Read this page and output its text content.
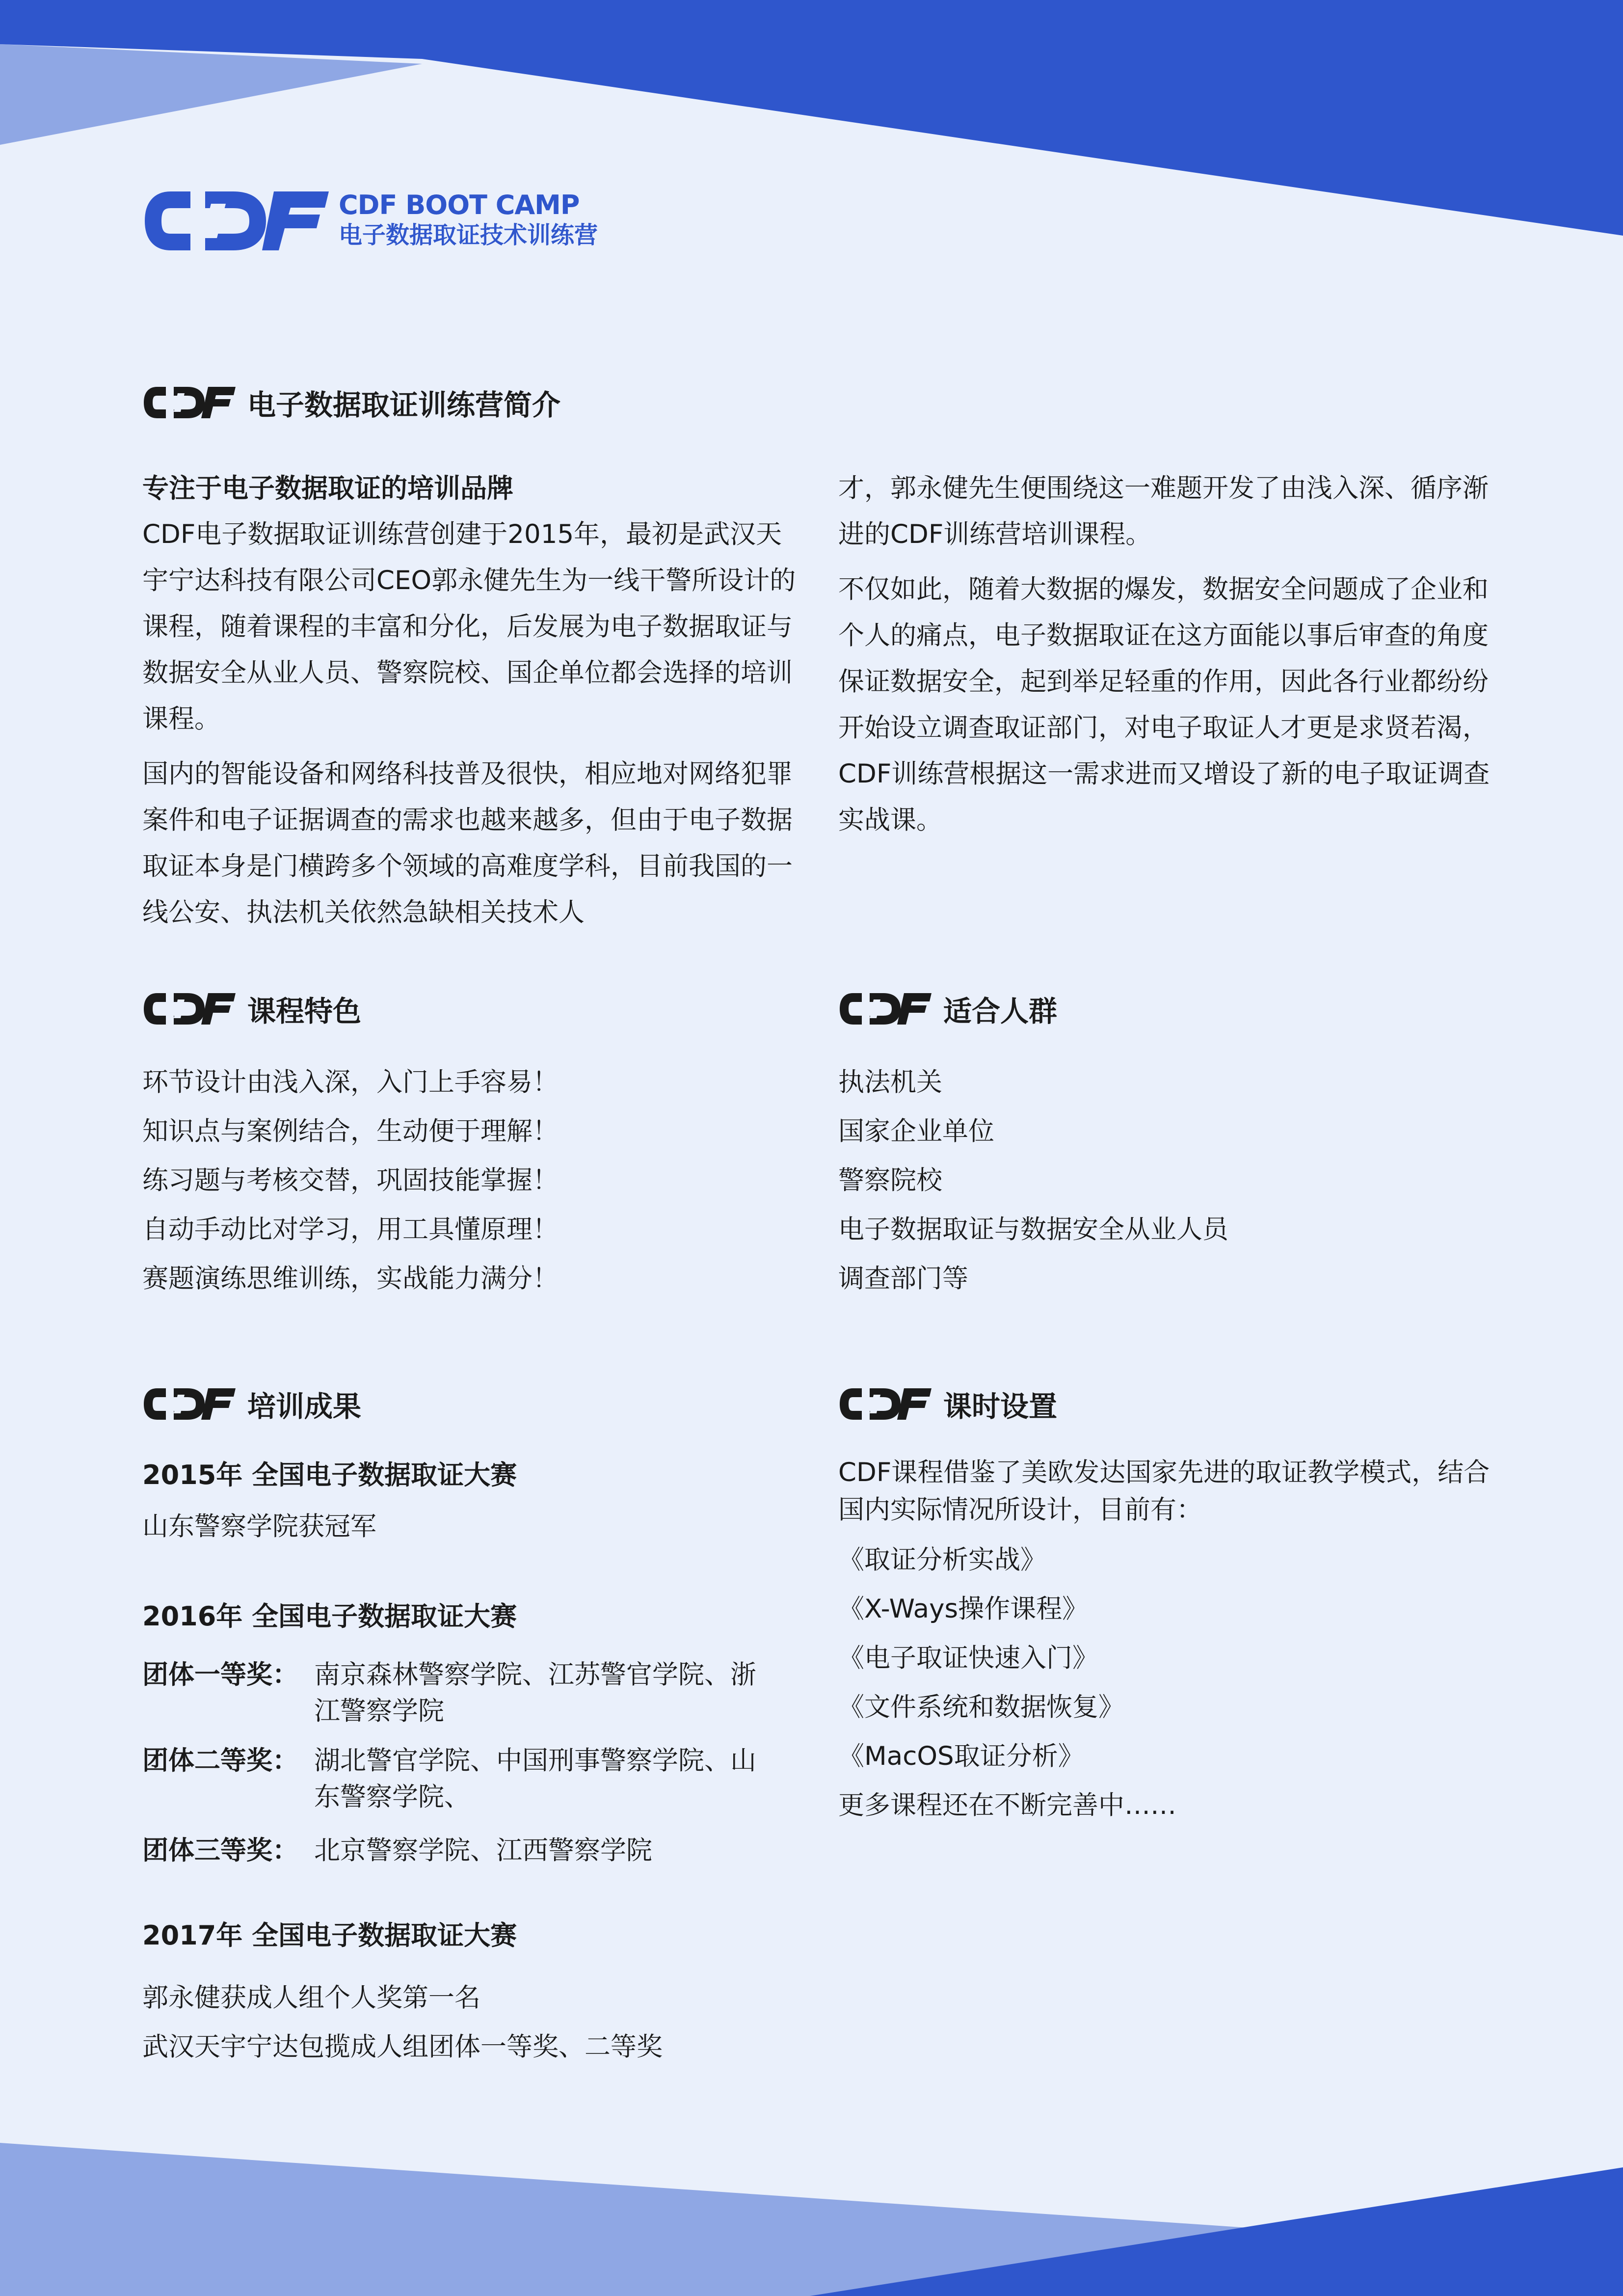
CDF BOOT CAMP
电子数据取证技术训练营
电子数据取证训练营简介

专注于电子数据取证的培训品牌

CDF电子数据取证训练营创建于2015年，最初是武汉天宇宁达科技有限公司CEO郭永健先生为一线干警所设计的课程，随着课程的丰富和分化，后发展为电子数据取证与数据安全从业人员、警察院校、国企单位都会选择的培训课程。

国内的智能设备和网络科技普及很快，相应地对网络犯罪案件和电子证据调查的需求也越来越多，但由于电子数据取证本身是门横跨多个领域的高难度学科，目前我国的一线公安、执法机关依然急缺相关技术人

才，郭永健先生便围绕这一难题开发了由浅入深、循序渐进的CDF训练营培训课程。

不仅如此，随着大数据的爆发，数据安全问题成了企业和个人的痛点，电子数据取证在这方面能以事后审查的角度保证数据安全，起到举足轻重的作用，因此各行业都纷纷开始设立调查取证部门，对电子取证人才更是求贤若渴，CDF训练营根据这一需求进而又增设了新的电子取证调查实战课。

课程特色
环节设计由浅入深，入门上手容易！
知识点与案例结合，生动便于理解！
练习题与考核交替，巩固技能掌握！
自动手动比对学习，用工具懂原理！
赛题演练思维训练，实战能力满分！
适合人群
执法机关
国家企业单位
警察院校
电子数据取证与数据安全从业人员
调查部门等
培训成果
2015年 全国电子数据取证大赛
山东警察学院获冠军
2016年 全国电子数据取证大赛
团体一等奖： 南京森林警察学院、江苏警官学院、浙江警察学院
团体二等奖： 湖北警官学院、中国刑事警察学院、山东警察学院、
团体三等奖： 北京警察学院、江西警察学院
2017年 全国电子数据取证大赛
郭永健获成人组个人奖第一名
武汉天宇宁达包揽成人组团体一等奖、二等奖
课时设置
CDF课程借鉴了美欧发达国家先进的取证教学模式，结合国内实际情况所设计，目前有：
《取证分析实战》
《X-Ways操作课程》
《电子取证快速入门》
《文件系统和数据恢复》
《MacOS取证分析》
更多课程还在不断完善中……
